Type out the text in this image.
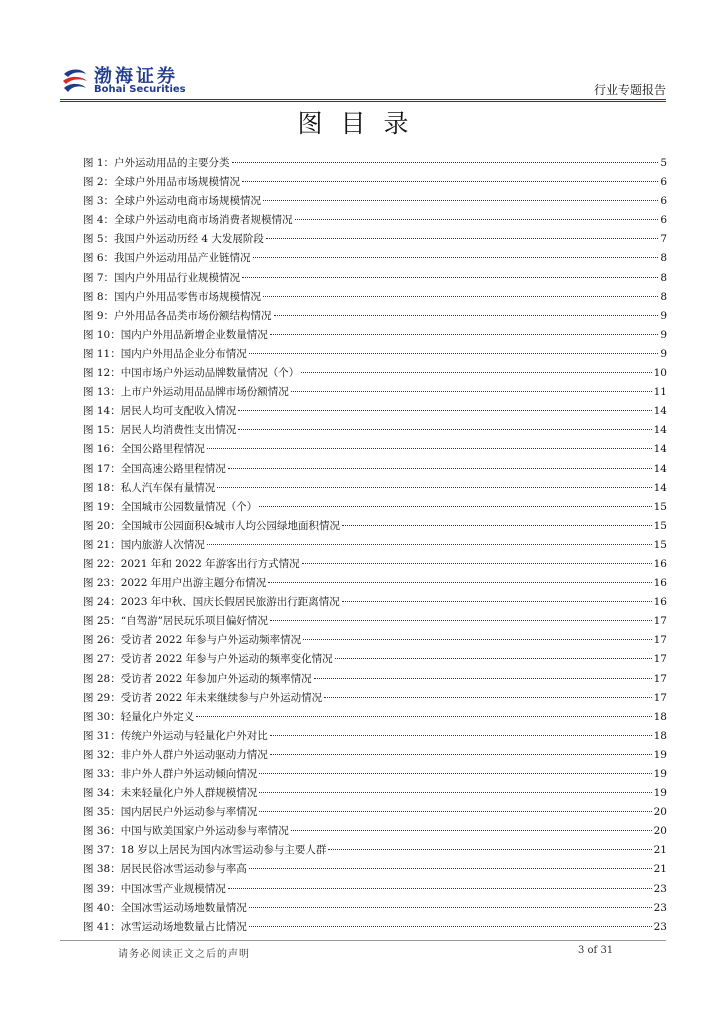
渤海证券
Bohai Securities	行业专题报告
图目录
图 1：户外运动用品的主要分类	5
图 2：全球户外用品市场规模情况	6
图 3：全球户外运动电商市场规模情况	6
图 4：全球户外运动电商市场消费者规模情况	6
图 5：我国户外运动历经 4 大发展阶段	7
图 6：我国户外运动用品产业链情况	8
图 7：国内户外用品行业规模情况	8
图 8：国内户外用品零售市场规模情况	8
图 9：户外用品各品类市场份额结构情况	9
图 10：国内户外用品新增企业数量情况	9
图 11：国内户外用品企业分布情况	9
图 12：中国市场户外运动品牌数量情况（个）	10
图 13：上市户外运动用品品牌市场份额情况	11
图 14：居民人均可支配收入情况	14
图 15：居民人均消费性支出情况	14
图 16：全国公路里程情况	14
图 17：全国高速公路里程情况	14
图 18：私人汽车保有量情况	14
图 19：全国城市公园数量情况（个）	15
图 20：全国城市公园面积&城市人均公园绿地面积情况	15
图 21：国内旅游人次情况	15
图 22：2021 年和 2022 年游客出行方式情况	16
图 23：2022 年用户出游主题分布情况	16
图 24：2023 年中秋、国庆长假居民旅游出行距离情况	16
图 25：“自驾游”居民玩乐项目偏好情况	17
图 26：受访者 2022 年参与户外运动频率情况	17
图 27：受访者 2022 年参与户外运动的频率变化情况	17
图 28：受访者 2022 年参加户外运动的频率情况	17
图 29：受访者 2022 年未来继续参与户外运动情况	17
图 30：轻量化户外定义	18
图 31：传统户外运动与轻量化户外对比	18
图 32：非户外人群户外运动驱动力情况	19
图 33：非户外人群户外运动倾向情况	19
图 34：未来轻量化户外人群规模情况	19
图 35：国内居民户外运动参与率情况	20
图 36：中国与欧美国家户外运动参与率情况	20
图 37：18 岁以上居民为国内冰雪运动参与主要人群	21
图 38：居民民俗冰雪运动参与率高	21
图 39：中国冰雪产业规模情况	23
图 40：全国冰雪运动场地数量情况	23
图 41：冰雪运动场地数量占比情况	23
请务必阅读正文之后的声明	3 of 31
